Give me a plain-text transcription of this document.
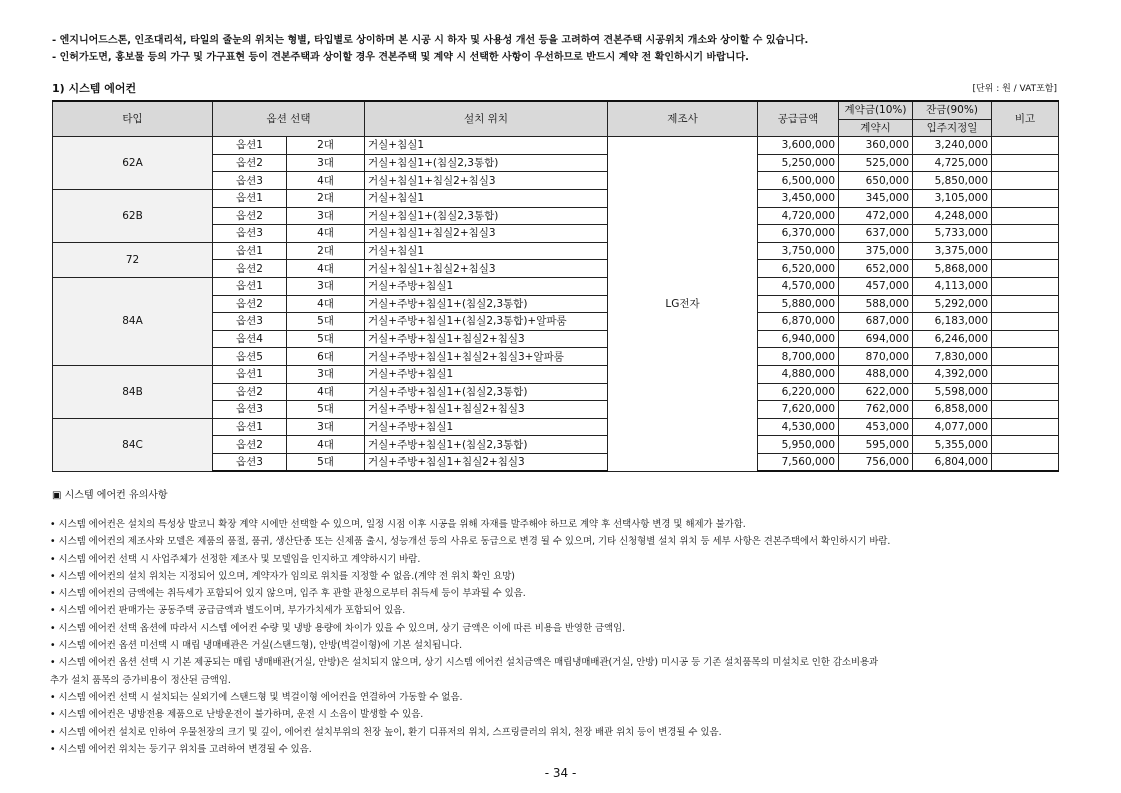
- 엔지니어드스톤, 인조대리석, 타일의 줄눈의 위치는 형별, 타입별로 상이하며 본 시공 시 하자 및 사용성 개선 등을 고려하여 견본주택 시공위치 개소와 상이할 수 있습니다.
- 인허가도면, 홍보물 등의 가구 및 가구표현 등이 견본주택과 상이할 경우 견본주택 및 계약 시 선택한 사항이 우선하므로 반드시 계약 전 확인하시기 바랍니다.
1) 시스템 에어컨	[단위 : 원 / VAT포함]
타입	옵션 선택		설치 위치	제조사	공급금액	계약금(10%)	잔금(90%)	비고
						계약시	입주지정일	
62A	옵션1	2대	거실+침실1	LG전자	3,600,000	360,000	3,240,000	
	옵션2	3대	거실+침실1+(침실2,3통합)		5,250,000	525,000	4,725,000	
	옵션3	4대	거실+침실1+침실2+침실3		6,500,000	650,000	5,850,000	
62B	옵션1	2대	거실+침실1		3,450,000	345,000	3,105,000	
	옵션2	3대	거실+침실1+(침실2,3통합)		4,720,000	472,000	4,248,000	
	옵션3	4대	거실+침실1+침실2+침실3		6,370,000	637,000	5,733,000	
72	옵션1	2대	거실+침실1		3,750,000	375,000	3,375,000	
	옵션2	4대	거실+침실1+침실2+침실3		6,520,000	652,000	5,868,000	
84A	옵션1	3대	거실+주방+침실1		4,570,000	457,000	4,113,000	
	옵션2	4대	거실+주방+침실1+(침실2,3통합)		5,880,000	588,000	5,292,000	
	옵션3	5대	거실+주방+침실1+(침실2,3통합)+알파룸		6,870,000	687,000	6,183,000	
	옵션4	5대	거실+주방+침실1+침실2+침실3		6,940,000	694,000	6,246,000	
	옵션5	6대	거실+주방+침실1+침실2+침실3+알파룸		8,700,000	870,000	7,830,000	
84B	옵션1	3대	거실+주방+침실1		4,880,000	488,000	4,392,000	
	옵션2	4대	거실+주방+침실1+(침실2,3통합)		6,220,000	622,000	5,598,000	
	옵션3	5대	거실+주방+침실1+침실2+침실3		7,620,000	762,000	6,858,000	
84C	옵션1	3대	거실+주방+침실1		4,530,000	453,000	4,077,000	
	옵션2	4대	거실+주방+침실1+(침실2,3통합)		5,950,000	595,000	5,355,000	
	옵션3	5대	거실+주방+침실1+침실2+침실3		7,560,000	756,000	6,804,000	
▣ 시스템 에어컨 유의사항
• 시스템 에어컨은 설치의 특성상 발코니 확장 계약 시에만 선택할 수 있으며, 일정 시점 이후 시공을 위해 자재를 발주해야 하므로 계약 후 선택사항 변경 및 해제가 불가함.
• 시스템 에어컨의 제조사와 모델은 제품의 품절, 품귀, 생산단종 또는 신제품 출시, 성능개선 등의 사유로 동급으로 변경 될 수 있으며, 기타 신청형별 설치 위치 등 세부 사항은 견본주택에서 확인하시기 바람.
• 시스템 에어컨 선택 시 사업주체가 선정한 제조사 및 모델임을 인지하고 계약하시기 바람.
• 시스템 에어컨의 설치 위치는 지정되어 있으며, 계약자가 임의로 위치를 지정할 수 없음.(계약 전 위치 확인 요망)
• 시스템 에어컨의 금액에는 취득세가 포함되어 있지 않으며, 입주 후 관할 관청으로부터 취득세 등이 부과될 수 있음.
• 시스템 에어컨 판매가는 공동주택 공급금액과 별도이며, 부가가치세가 포함되어 있음.
• 시스템 에어컨 선택 옵션에 따라서 시스템 에어컨 수량 및 냉방 용량에 차이가 있을 수 있으며, 상기 금액은 이에 따른 비용을 반영한 금액임.
• 시스템 에어컨 옵션 미선택 시 매립 냉매배관은 거실(스탠드형), 안방(벽걸이형)에 기본 설치됩니다.
• 시스템 에어컨 옵션 선택 시 기본 제공되는 매립 냉매배관(거실, 안방)은 설치되지 않으며, 상기 시스템 에어컨 설치금액은 매립냉매배관(거실, 안방) 미시공 등 기존 설치품목의 미설치로 인한 감소비용과
추가 설치 품목의 증가비용이 정산된 금액임.
• 시스템 에어컨 선택 시 설치되는 실외기에 스탠드형 및 벽걸이형 에어컨을 연결하여 가동할 수 없음.
• 시스템 에어컨은 냉방전용 제품으로 난방운전이 불가하며, 운전 시 소음이 발생할 수 있음.
• 시스템 에어컨 설치로 인하여 우물천장의 크기 및 깊이, 에어컨 설치부위의 천장 높이, 환기 디퓨저의 위치, 스프링클러의 위치, 천장 배관 위치 등이 변경될 수 있음.
• 시스템 에어컨 위치는 등기구 위치를 고려하여 변경될 수 있음.
- 34 -
